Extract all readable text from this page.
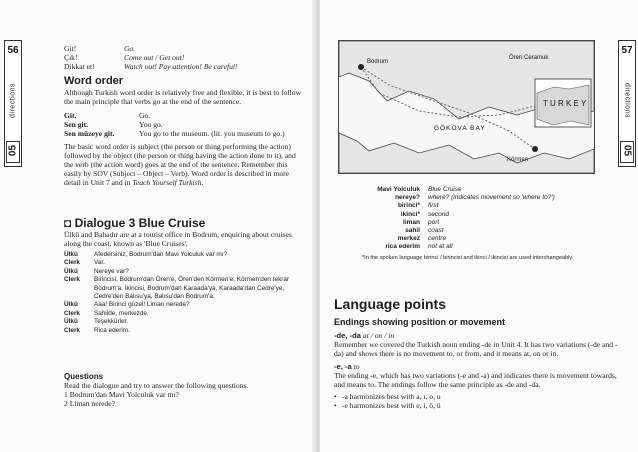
56
directions
05
Git!	Go.
Çık!	Come out / Get out!
Dikkat et!	Watch out! Pay attention! Be careful!
Word order

Although Turkish word order is relatively free and flexible, it is best to follow the main principle that verbs go at the end of the sentence.

Git.	Go.
Sen git.	You go.
Sen müzeye git.	You go to the museum. (lit. you museum to go.)

The basic word order is subject (the person or thing performing the action) followed by the object (the person or thing having the action done to it), and the verb (the action word) goes at the end of the sentence. Remember this easily by SOV (Subject – Object – Verb). Word order is described in more detail in Unit 7 and in Teach Yourself Turkish.

◘ Dialogue 3 Blue Cruise

Ülkü and Bahadır are at a tourist office in Bodrum, enquiring about cruises along the coast, known as 'Blue Cruises'.

Ülkü	Afedersiniz, Bodrum'dan Mavi Yolculuk var mı?
Clerk	Var.
Ülkü	Nereye var?
Clerk	Birincisi, Bodrum'dan Ören'e, Ören'den Körmen'e, Körmen'den tekrar Bodrum'a. İkincisi, Bodrum'dan Karaada'ya, Karaada'dan Cedre'ye, Cedre'den Balısu'ya, Balısu'dan Bodrum'a.
Ülkü	Aaa! Birinci güzel! Liman nerede?
Clerk	Sahilde, merkezde.
Ülkü	Teşekkürler.
Clerk	Rica ederim.
Questions

Read the dialogue and try to answer the following questions.

1 Bodrum'dan Mavi Yolculuk var mı?
2 Liman nerede?
57
directions
05
Bodrum
Ören Ceramuk
GÖKOVA BAY
T U R K E Y
Körmen
Mavi Yolculuk	Blue Cruise
nereye?	where? (indicates movement so 'where to?')
birinci*	first
ikinci*	second
liman	port
sahil	coast
merkez	centre
rica ederim	not at all
*In the spoken language birinci / birincisi and ikinci / ikincisi are used interchangeably.
Language points
Endings showing position or movement
-de, -da at / on / in

Remember we covered the Turkish noun ending -de in Unit 4. It has two variations (-de and -da) and shows there is no movement to, or from, and it means at, on or in.

-e, -a to

The ending -e, which has two variations (-e and -a) and indicates there is movement towards, and means to. The endings follow the same principle as -de and -da.

• -a harmonizes best with a, ı, o, u
• -e harmonizes best with e, i, ö, ü
